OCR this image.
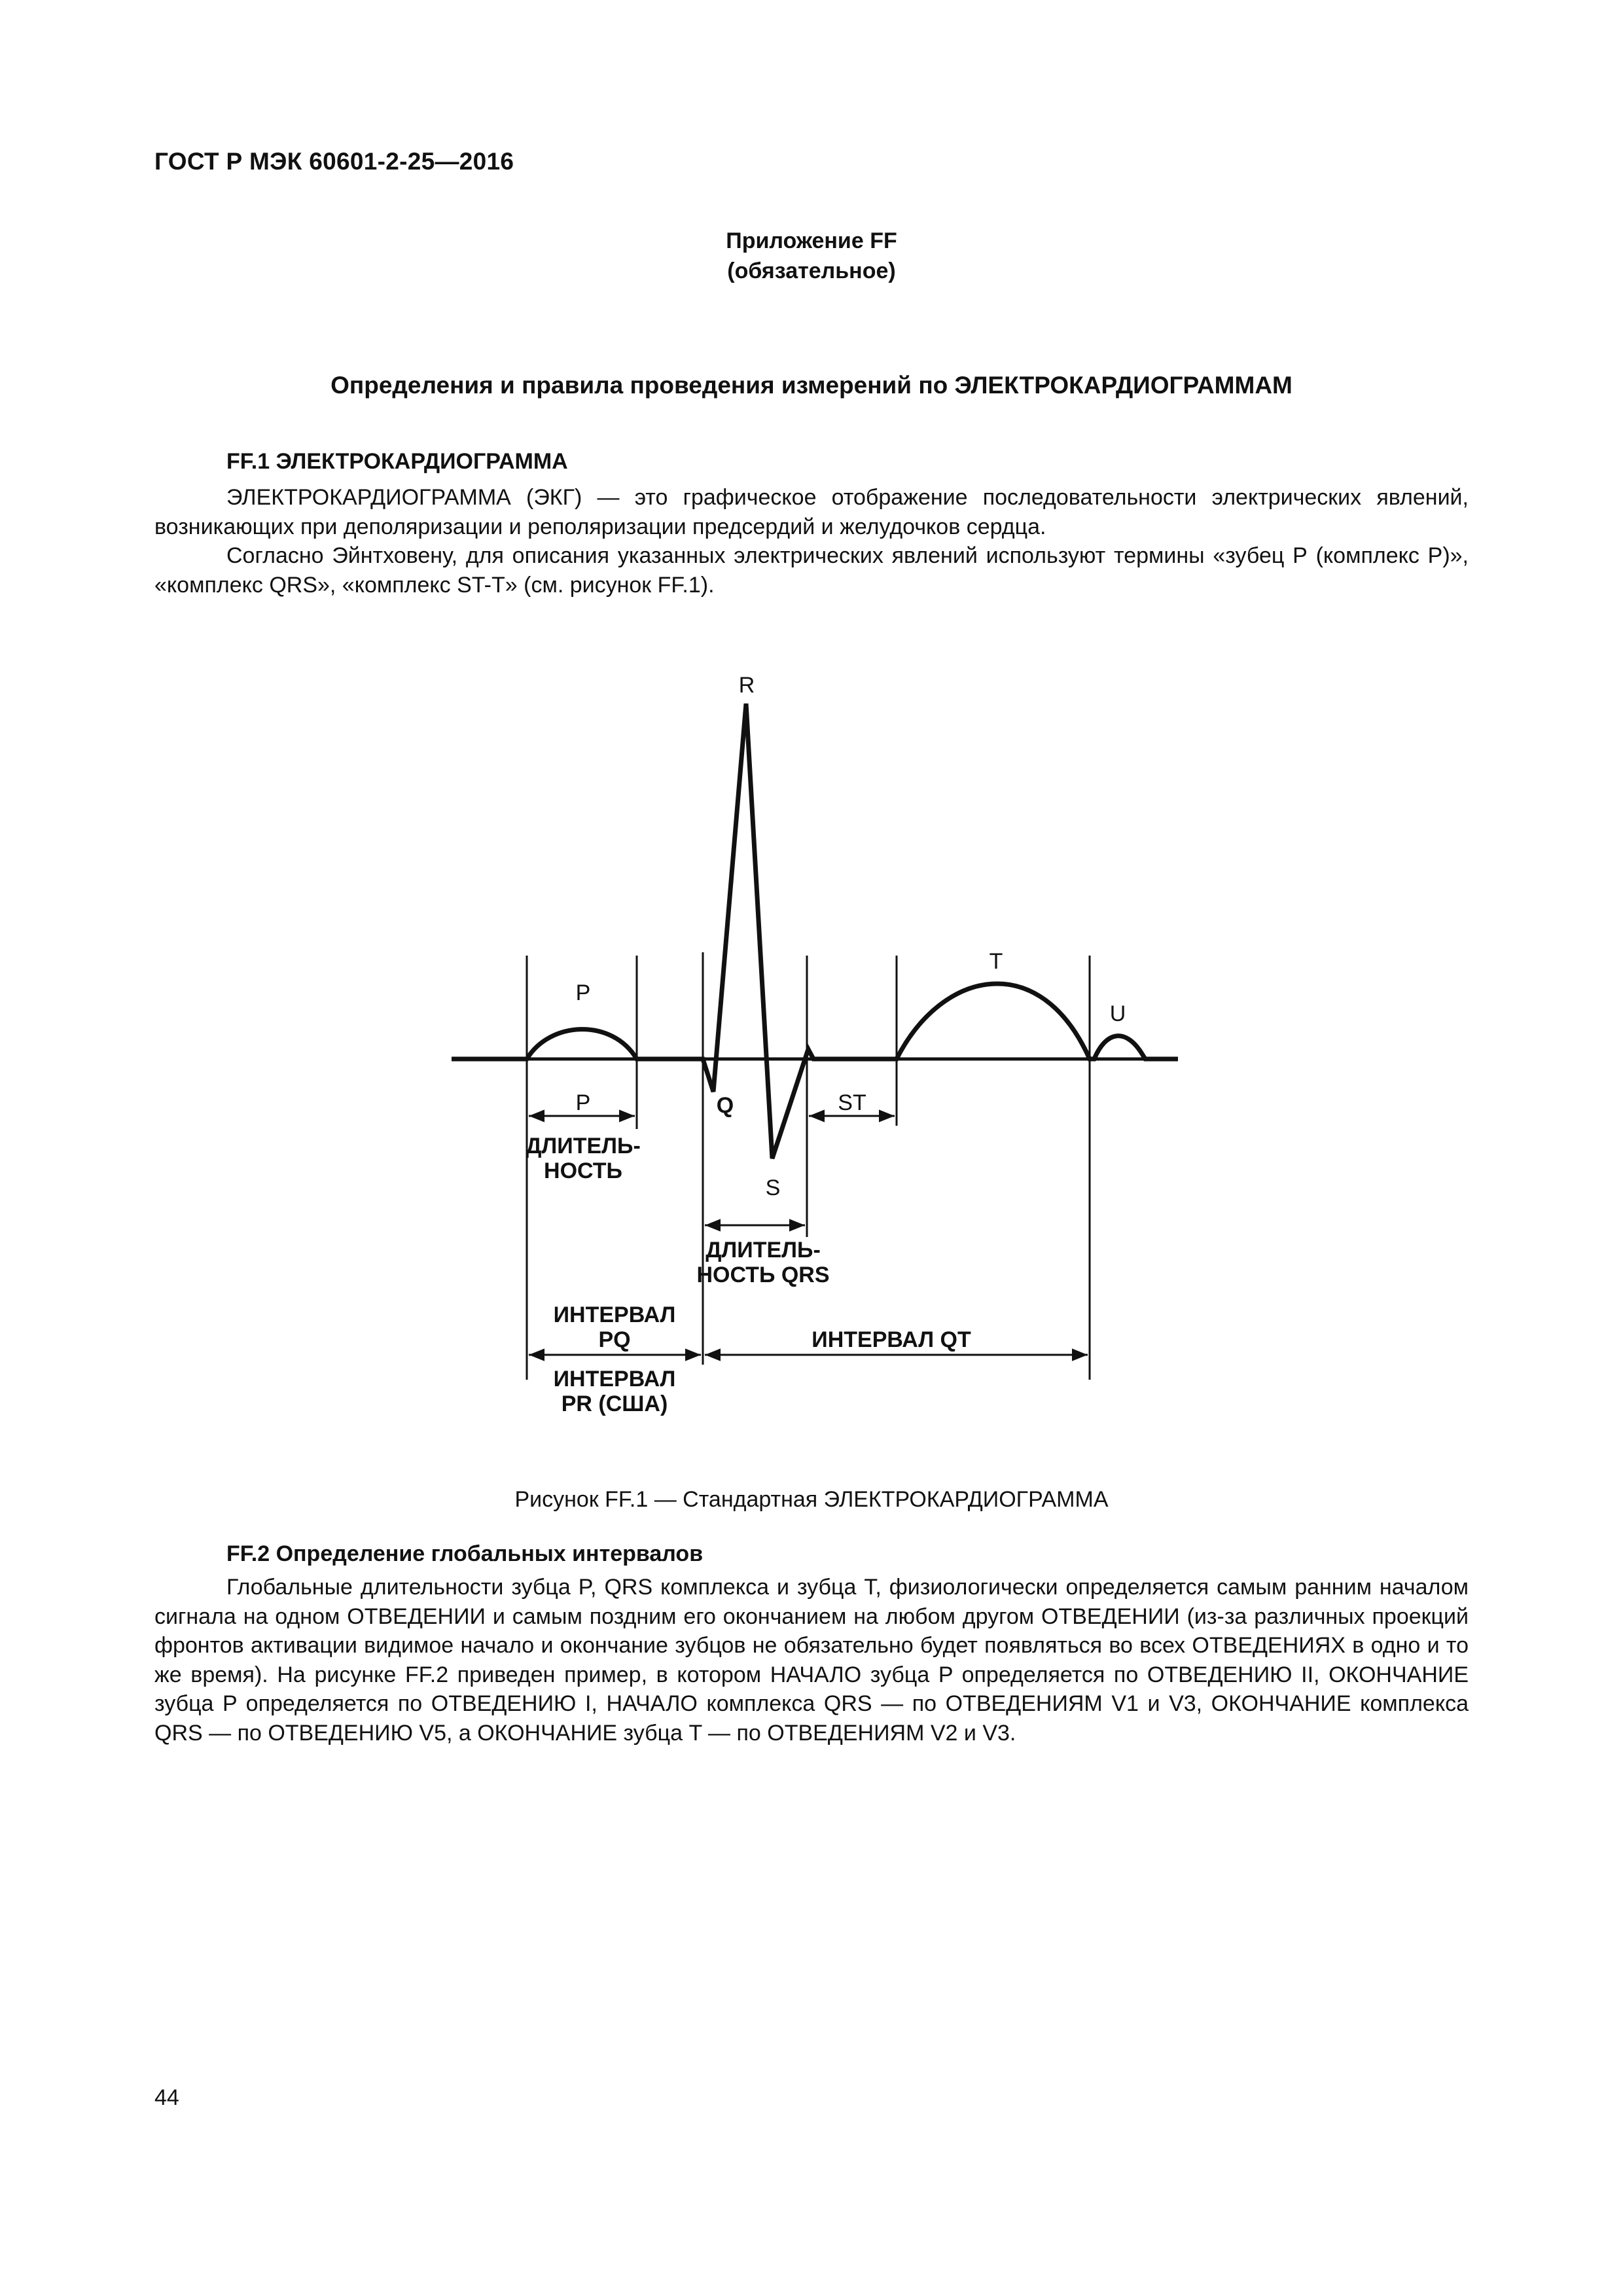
ГОСТ Р МЭК 60601-2-25—2016
Приложение FF
(обязательное)
Определения и правила проведения измерений по ЭЛЕКТРОКАРДИОГРАММАМ
FF.1 ЭЛЕКТРОКАРДИОГРАММА

ЭЛЕКТРОКАРДИОГРАММА (ЭКГ) — это графическое отображение последовательности электрических явлений, возникающих при деполяризации и реполяризации предсердий и желудочков сердца.

Согласно Эйнтховену, для описания указанных электрических явлений используют термины «зубец Р (комплекс Р)», «комплекс QRS», «комплекс ST-T» (см. рисунок FF.1).

R
P
T
U
Q
S
P	ST
ДЛИТЕЛЬ-
НОСТЬ
ДЛИТЕЛЬ-
НОСТЬ QRS
ИНТЕРВАЛ
PQ	ИНТЕРВАЛ QT
ИНТЕРВАЛ
PR (США)
Рисунок FF.1 — Стандартная ЭЛЕКТРОКАРДИОГРАММА
FF.2 Определение глобальных интервалов

Глобальные длительности зубца P, QRS комплекса и зубца T, физиологически определяется самым ранним началом сигнала на одном ОТВЕДЕНИИ и самым поздним его окончанием на любом другом ОТВЕДЕНИИ (из-за различных проекций фронтов активации видимое начало и окончание зубцов не обязательно будет появляться во всех ОТВЕДЕНИЯХ в одно и то же время). На рисунке FF.2 приведен пример, в котором НАЧАЛО зубца P определяется по ОТВЕДЕНИЮ II, ОКОНЧАНИЕ зубца P определяется по ОТВЕДЕНИЮ I, НАЧАЛО комплекса QRS — по ОТВЕДЕНИЯМ V1 и V3, ОКОНЧАНИЕ комплекса QRS — по ОТВЕДЕНИЮ V5, а ОКОНЧАНИЕ зубца T — по ОТВЕДЕНИЯМ V2 и V3.

44
